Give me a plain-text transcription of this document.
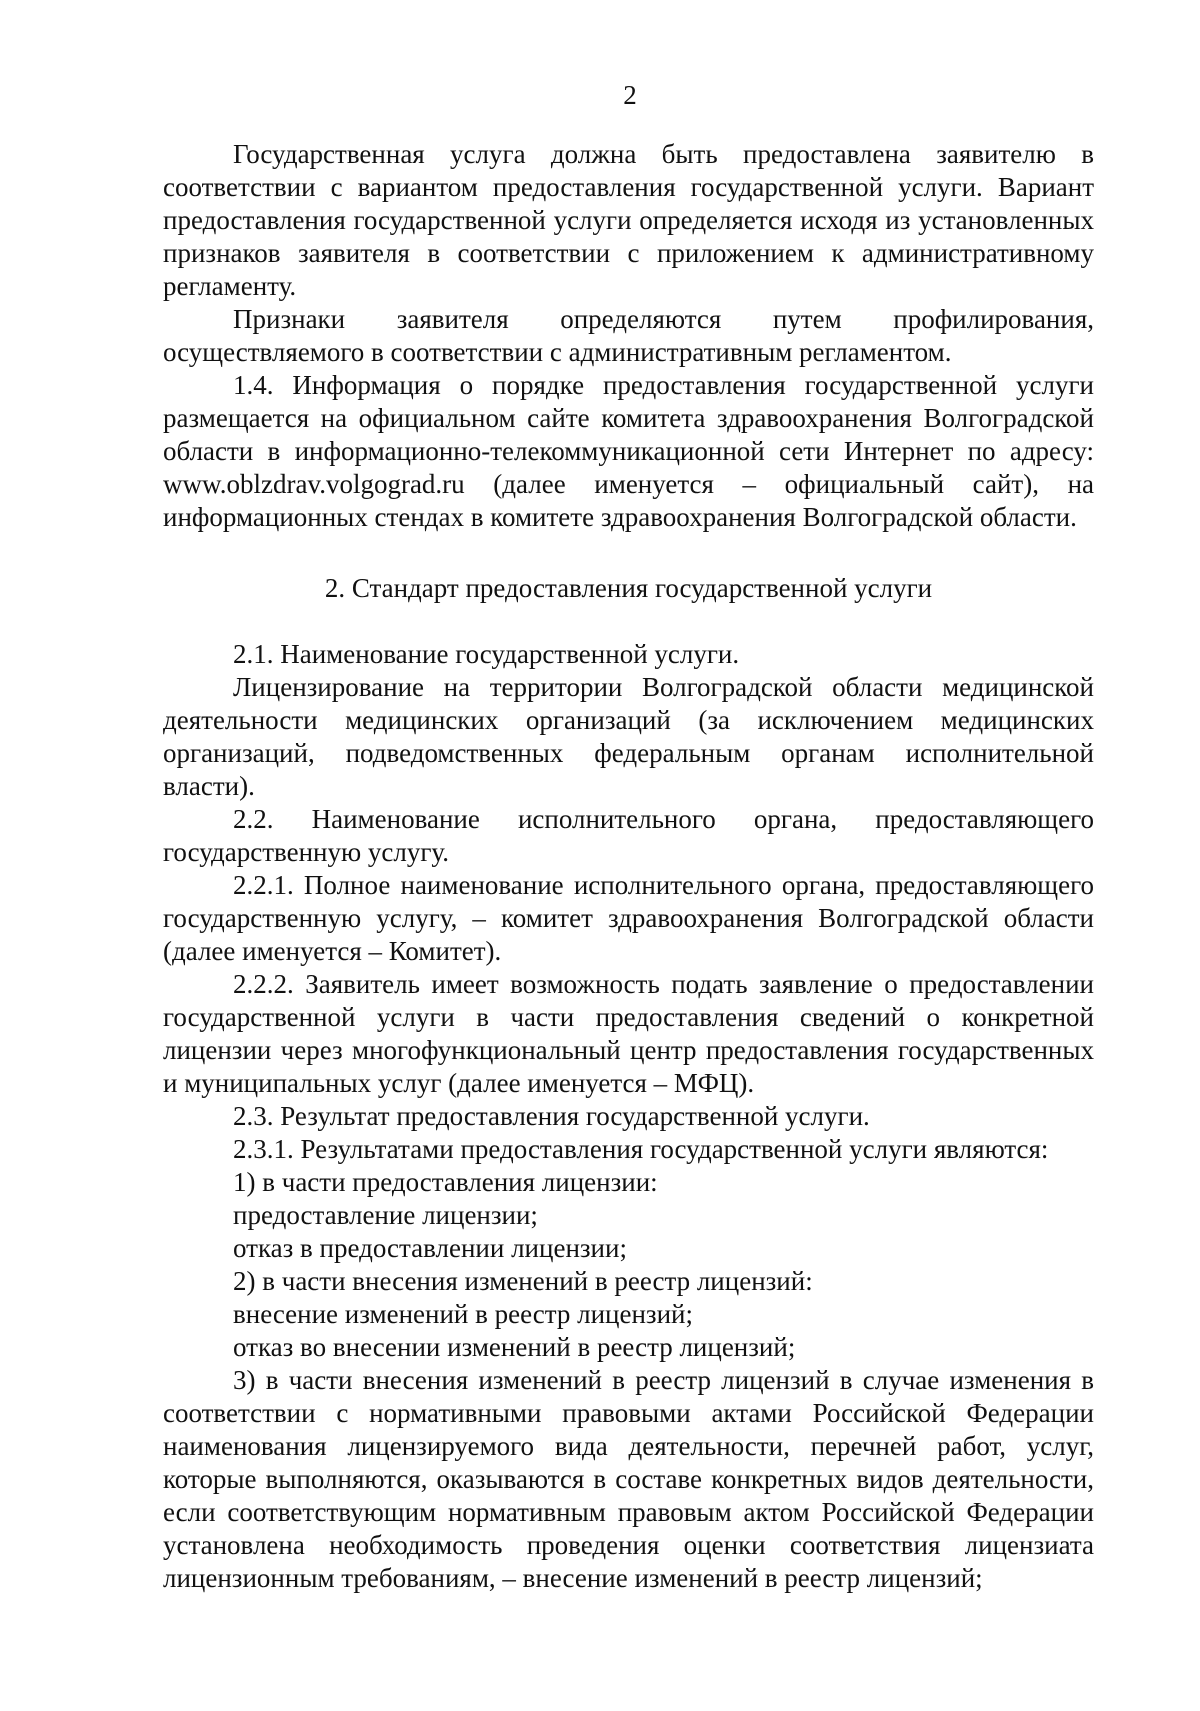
2

Государственная услуга должна быть предоставлена заявителю в соответствии с вариантом предоставления государственной услуги. Вариант предоставления государственной услуги определяется исходя из установленных признаков заявителя в соответствии с приложением к административному регламенту.

Признаки заявителя определяются путем профилирования, осуществляемого в соответствии с административным регламентом.

1.4. Информация о порядке предоставления государственной услуги размещается на официальном сайте комитета здравоохранения Волгоградской области в информационно-телекоммуникационной сети Интернет по адресу: www.oblzdrav.volgograd.ru (далее именуется – официальный сайт), на информационных стендах в комитете здравоохранения Волгоградской области.

2. Стандарт предоставления государственной услуги

2.1. Наименование государственной услуги.

Лицензирование на территории Волгоградской области медицинской деятельности медицинских организаций (за исключением медицинских организаций, подведомственных федеральным органам исполнительной власти).

2.2. Наименование исполнительного органа, предоставляющего государственную услугу.

2.2.1. Полное наименование исполнительного органа, предоставляющего государственную услугу, – комитет здравоохранения Волгоградской области (далее именуется – Комитет).

2.2.2. Заявитель имеет возможность подать заявление о предоставлении государственной услуги в части предоставления сведений о конкретной лицензии через многофункциональный центр предоставления государственных и муниципальных услуг (далее именуется – МФЦ).

2.3. Результат предоставления государственной услуги.

2.3.1. Результатами предоставления государственной услуги являются:

1) в части предоставления лицензии:

предоставление лицензии;

отказ в предоставлении лицензии;

2) в части внесения изменений в реестр лицензий:

внесение изменений в реестр лицензий;

отказ во внесении изменений в реестр лицензий;

3) в части внесения изменений в реестр лицензий в случае изменения в соответствии с нормативными правовыми актами Российской Федерации наименования лицензируемого вида деятельности, перечней работ, услуг, которые выполняются, оказываются в составе конкретных видов деятельности, если соответствующим нормативным правовым актом Российской Федерации установлена необходимость проведения оценки соответствия лицензиата лицензионным требованиям, – внесение изменений в реестр лицензий;
